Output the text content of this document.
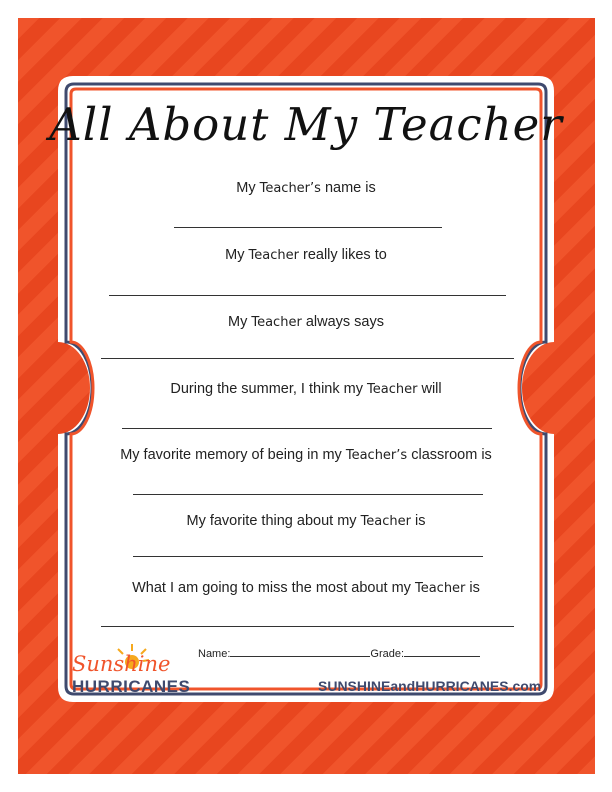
All About My Teacher
My Teacher’s name is
My Teacher really likes to
My Teacher always says
During the summer, I think my Teacher will
My favorite memory of being in my Teacher’s classroom is
My favorite thing about my Teacher is
What I am going to miss the most about my Teacher is
Name:	Grade:
Sunshine
HURRICANES	SUNSHINEandHURRICANES.com
